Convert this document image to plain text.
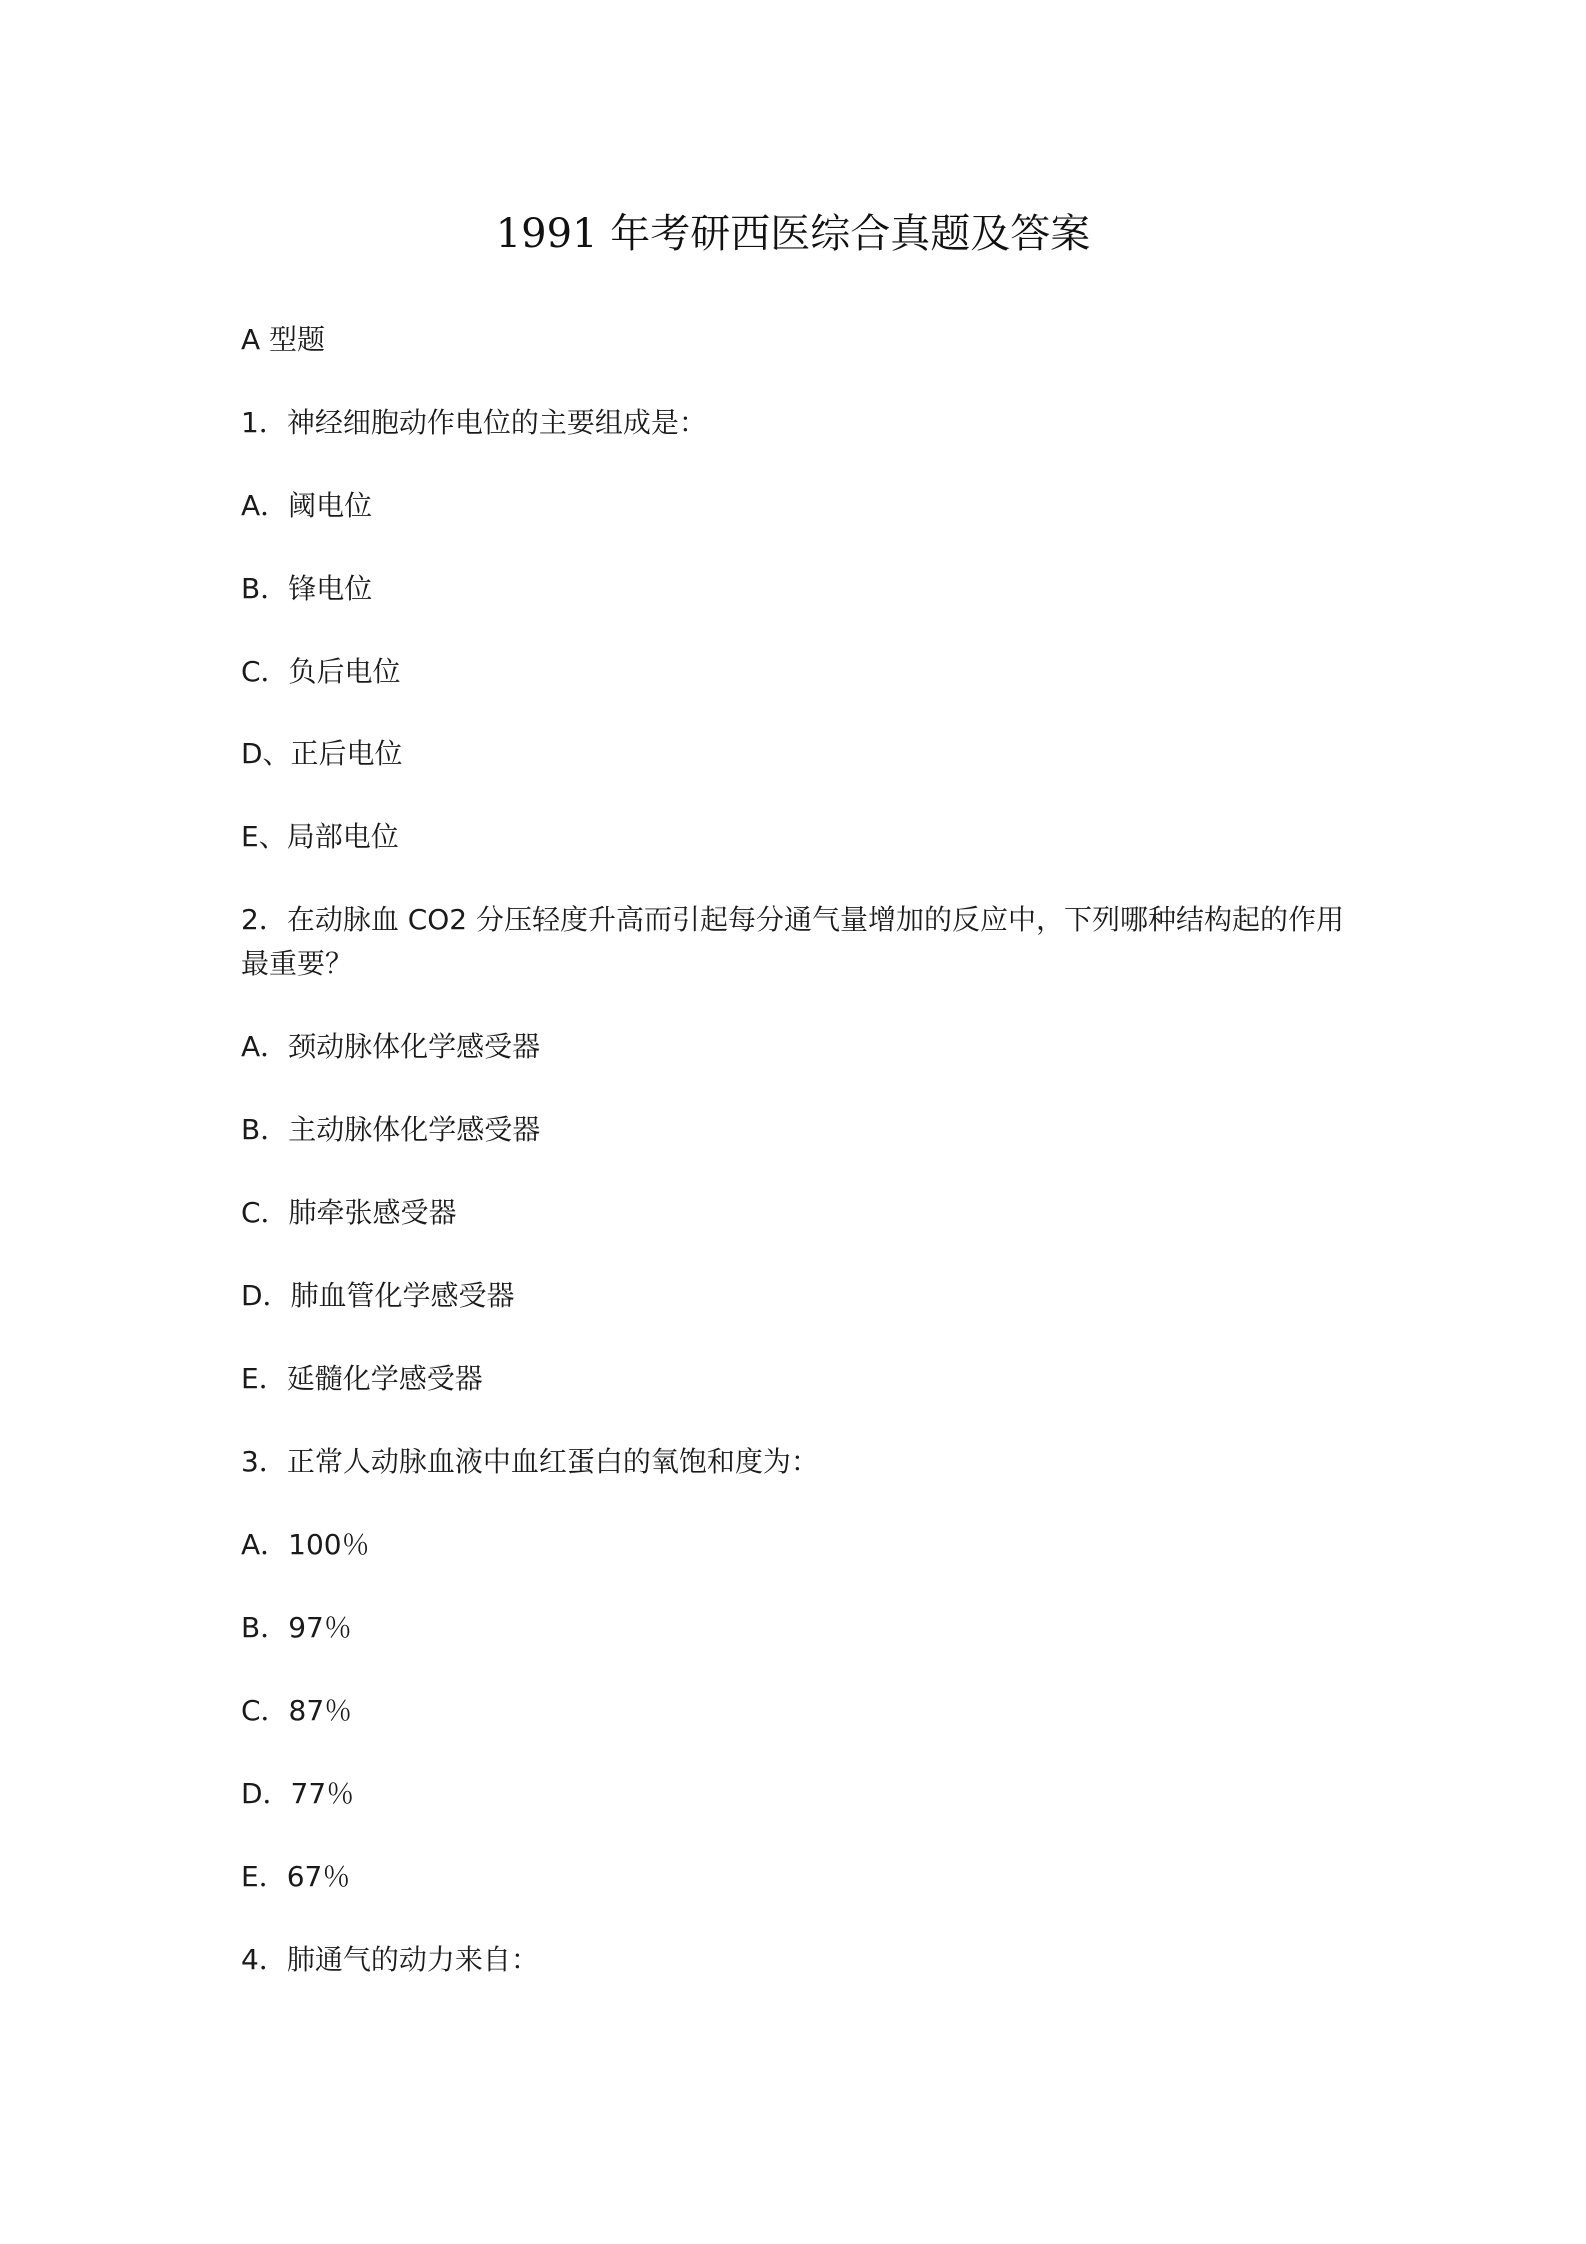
1991 年考研西医综合真题及答案
A 型题
1．神经细胞动作电位的主要组成是：
A．阈电位
B．锋电位
C．负后电位
D、正后电位
E、局部电位
2．在动脉血 CO2 分压轻度升高而引起每分通气量增加的反应中，下列哪种结构起的作用最重要？
A．颈动脉体化学感受器
B．主动脉体化学感受器
C．肺牵张感受器
D．肺血管化学感受器
E．延髓化学感受器
3．正常人动脉血液中血红蛋白的氧饱和度为：
A．100％
B．97％
C．87％
D．77％
E．67％
4．肺通气的动力来自：
